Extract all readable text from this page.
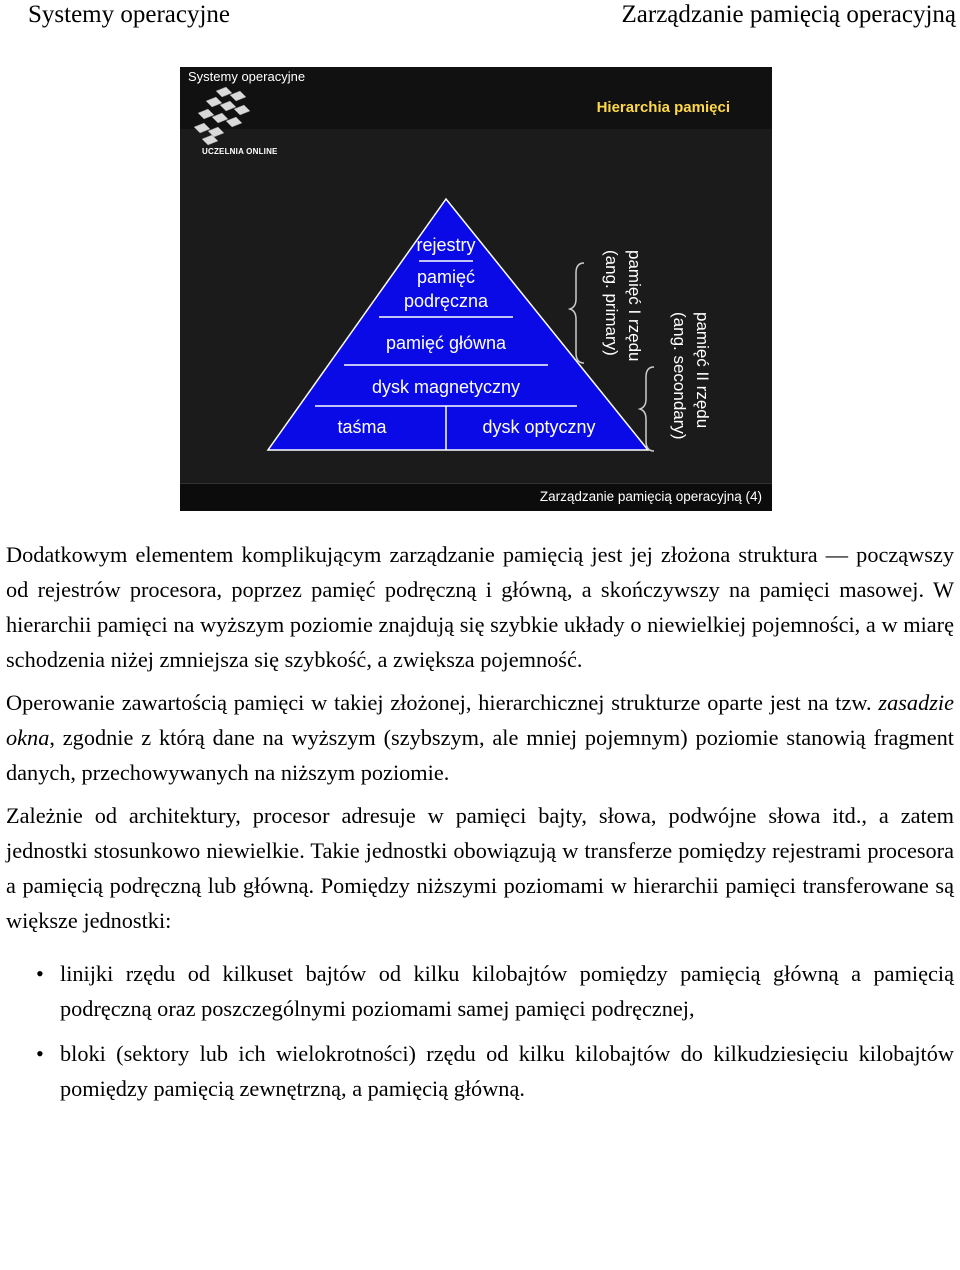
Systemy operacyjne	Zarządzanie pamięcią operacyjną
Systemy operacyjne
Hierarchia pamięci
UCZELNIA ONLINE
rejestry
pamięć
podręczna
pamięć główna
dysk magnetyczny
taśma	dysk optyczny
pamięć I rzędu
(ang. primary)
pamięć II rzędu
(ang. secondary)
Zarządzanie pamięcią operacyjną (4)

Dodatkowym elementem komplikującym zarządzanie pamięcią jest jej złożona struktura — począwszy od rejestrów procesora, poprzez pamięć podręczną i główną, a skończywszy na pamięci masowej. W hierarchii pamięci na wyższym poziomie znajdują się szybkie układy o niewielkiej pojemności, a w miarę schodzenia niżej zmniejsza się szybkość, a zwiększa pojemność.

Operowanie zawartością pamięci w takiej złożonej, hierarchicznej strukturze oparte jest na tzw. zasadzie okna, zgodnie z którą dane na wyższym (szybszym, ale mniej pojemnym) poziomie stanowią fragment danych, przechowywanych na niższym poziomie.

Zależnie od architektury, procesor adresuje w pamięci bajty, słowa, podwójne słowa itd., a zatem jednostki stosunkowo niewielkie. Takie jednostki obowiązują w transferze pomiędzy rejestrami procesora a pamięcią podręczną lub główną. Pomiędzy niższymi poziomami w hierarchii pamięci transferowane są większe jednostki:

• linijki rzędu od kilkuset bajtów od kilku kilobajtów pomiędzy pamięcią główną a pamięcią podręczną oraz poszczególnymi poziomami samej pamięci podręcznej,
• bloki (sektory lub ich wielokrotności) rzędu od kilku kilobajtów do kilkudziesięciu kilobajtów pomiędzy pamięcią zewnętrzną, a pamięcią główną.
